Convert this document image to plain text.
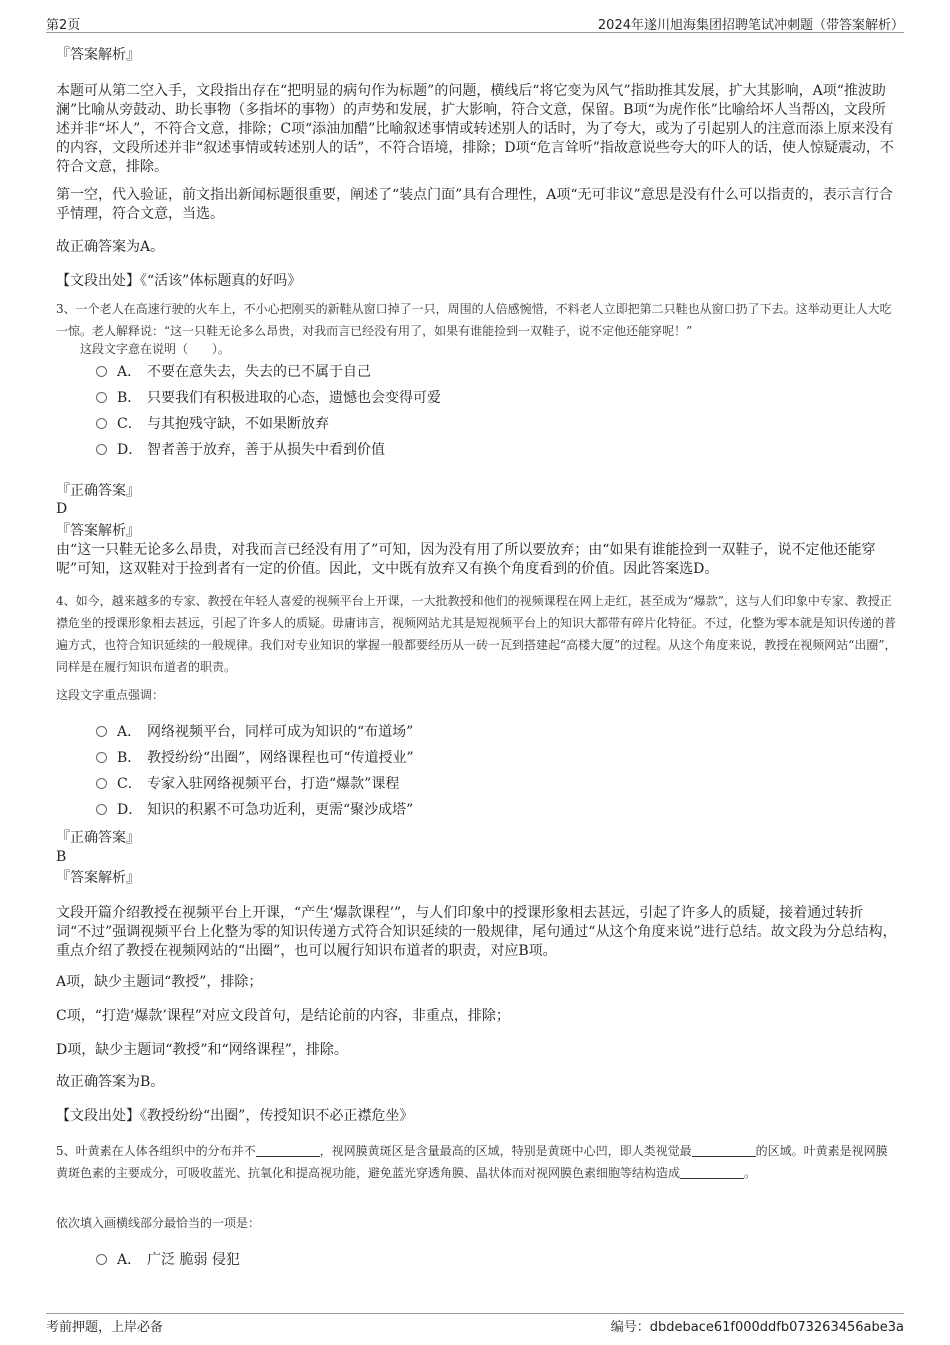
第2页	2024年遂川旭海集团招聘笔试冲刺题（带答案解析）
『答案解析』
本题可从第二空入手，文段指出存在“把明显的病句作为标题”的问题，横线后“将它变为风气”指助推其发展，扩大其影响，A项“推波助澜”比喻从旁鼓动、助长事物（多指坏的事物）的声势和发展，扩大影响，符合文意，保留。B项“为虎作伥”比喻给坏人当帮凶，文段所述并非“坏人”，不符合文意，排除；C项“添油加醋”比喻叙述事情或转述别人的话时，为了夸大，或为了引起别人的注意而添上原来没有的内容，文段所述并非“叙述事情或转述别人的话”，不符合语境，排除；D项“危言耸听”指故意说些夸大的吓人的话，使人惊疑震动，不符合文意，排除。
第一空，代入验证，前文指出新闻标题很重要，阐述了“装点门面”具有合理性，A项“无可非议”意思是没有什么可以指责的，表示言行合乎情理，符合文意，当选。
故正确答案为A。
【文段出处】《“活该”体标题真的好吗》
3、一个老人在高速行驶的火车上，不小心把刚买的新鞋从窗口掉了一只，周围的人倍感惋惜，不料老人立即把第二只鞋也从窗口扔了下去。这举动更让人大吃一惊。老人解释说：“这一只鞋无论多么昂贵，对我而言已经没有用了，如果有谁能捡到一双鞋子，说不定他还能穿呢！”
这段文字意在说明（　　）。
A． 不要在意失去，失去的已不属于自己
B． 只要我们有积极进取的心态，遗憾也会变得可爱
C． 与其抱残守缺，不如果断放弃
D． 智者善于放弃，善于从损失中看到价值
『正确答案』
D
『答案解析』
由“这一只鞋无论多么昂贵，对我而言已经没有用了”可知，因为没有用了所以要放弃；由“如果有谁能捡到一双鞋子，说不定他还能穿呢”可知，这双鞋对于捡到者有一定的价值。因此，文中既有放弃又有换个角度看到的价值。因此答案选D。
4、如今，越来越多的专家、教授在年轻人喜爱的视频平台上开课，一大批教授和他们的视频课程在网上走红，甚至成为“爆款”，这与人们印象中专家、教授正襟危坐的授课形象相去甚远，引起了许多人的质疑。毋庸讳言，视频网站尤其是短视频平台上的知识大都带有碎片化特征。不过，化整为零本就是知识传递的普遍方式，也符合知识延续的一般规律。我们对专业知识的掌握一般都要经历从一砖一瓦到搭建起“高楼大厦”的过程。从这个角度来说，教授在视频网站“出圈”，同样是在履行知识布道者的职责。
这段文字重点强调：
A． 网络视频平台，同样可成为知识的“布道场”
B． 教授纷纷“出圈”，网络课程也可“传道授业”
C． 专家入驻网络视频平台，打造“爆款”课程
D． 知识的积累不可急功近利，更需“聚沙成塔”
『正确答案』
B
『答案解析』
文段开篇介绍教授在视频平台上开课，“产生‘爆款课程’”，与人们印象中的授课形象相去甚远，引起了许多人的质疑，接着通过转折词“不过”强调视频平台上化整为零的知识传递方式符合知识延续的一般规律，尾句通过“从这个角度来说”进行总结。故文段为分总结构，重点介绍了教授在视频网站的“出圈”，也可以履行知识布道者的职责，对应B项。
A项，缺少主题词“教授”，排除；
C项，“打造‘爆款’课程”对应文段首句，是结论前的内容，非重点，排除；
D项，缺少主题词“教授”和“网络课程”，排除。
故正确答案为B。
【文段出处】《教授纷纷“出圈”，传授知识不必正襟危坐》
5、叶黄素在人体各组织中的分布并不	，视网膜黄斑区是含量最高的区域，特别是黄斑中心凹，即人类视觉最	的区域。叶黄素是视网膜黄斑色素的主要成分，可吸收蓝光、抗氧化和提高视功能，避免蓝光穿透角膜、晶状体而对视网膜色素细胞等结构造成	。
依次填入画横线部分最恰当的一项是：
A． 广泛 脆弱 侵犯
考前押题，上岸必备	编号：dbdebace61f000ddfb073263456abe3a
